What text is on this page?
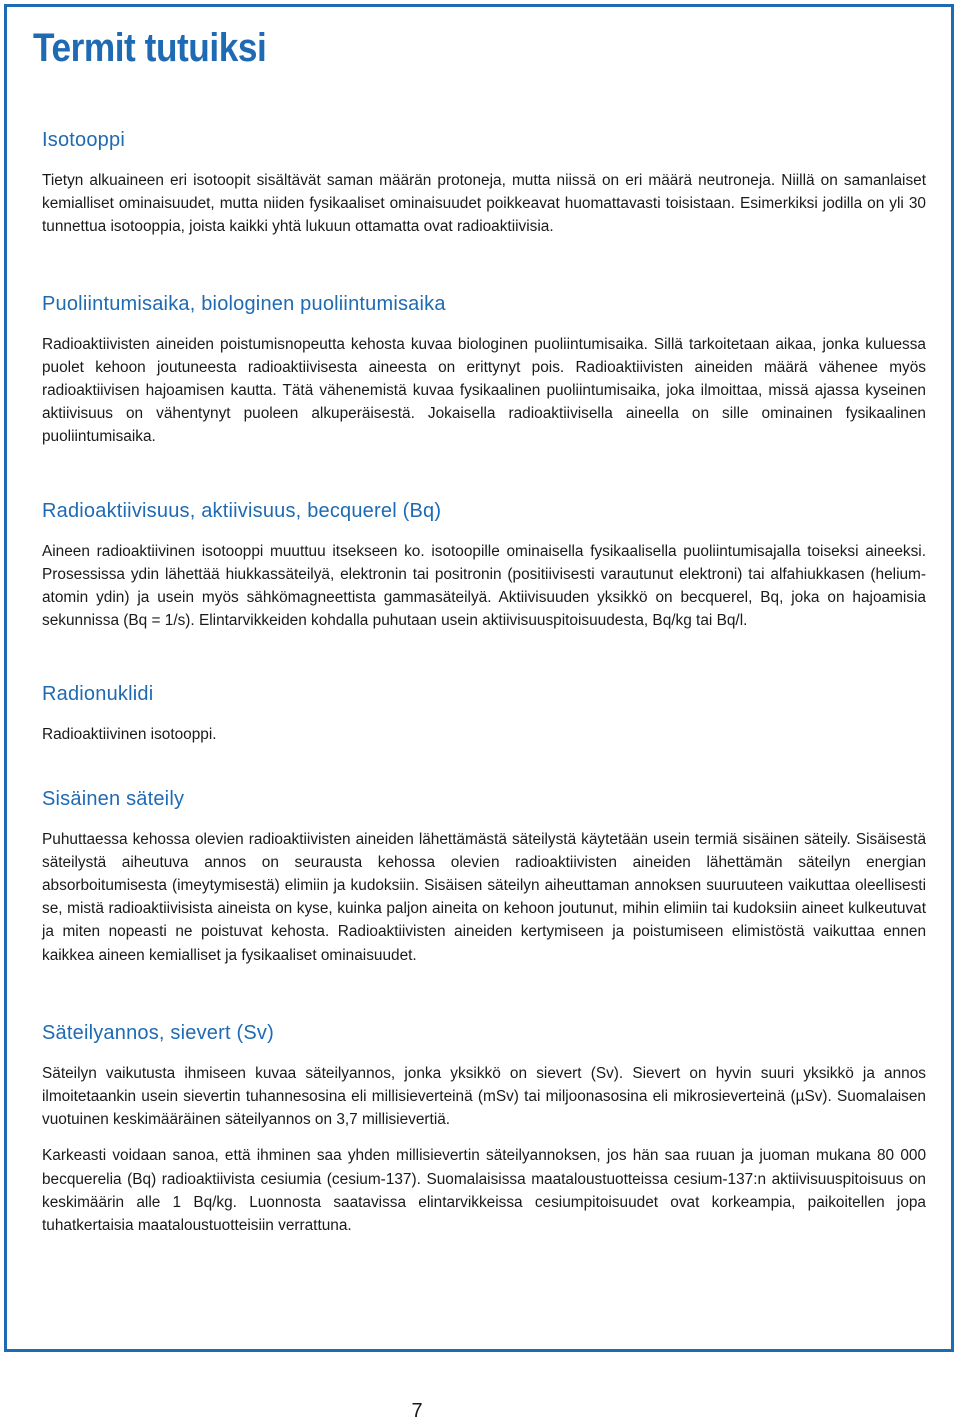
Termit tutuiksi
Isotooppi

Tietyn alkuaineen eri isotoopit sisältävät saman määrän protoneja, mutta niissä on eri määrä neutroneja. Niillä on samanlaiset kemialliset ominaisuudet, mutta niiden fysikaaliset ominaisuudet poikkeavat huomattavasti toisistaan. Esimerkiksi jodilla on yli 30 tunnettua isotooppia, joista kaikki yhtä lukuun ottamatta ovat radioaktiivisia.

Puoliintumisaika, biologinen puoliintumisaika

Radioaktiivisten aineiden poistumisnopeutta kehosta kuvaa biologinen puoliintumisaika. Sillä tarkoitetaan aikaa, jonka kuluessa puolet kehoon joutuneesta radioaktiivisesta aineesta on erittynyt pois. Radioaktiivisten aineiden määrä vähenee myös radioaktiivisen hajoamisen kautta. Tätä vähenemistä kuvaa fysikaalinen puoliintumisaika, joka ilmoittaa, missä ajassa kyseinen aktiivisuus on vähentynyt puoleen alkuperäisestä. Jokaisella radioaktiivisella aineella on sille ominainen fysikaalinen puoliintumisaika.

Radioaktiivisuus, aktiivisuus, becquerel (Bq)

Aineen radioaktiivinen isotooppi muuttuu itsekseen ko. isotoopille ominaisella fysikaalisella puoliintumisajalla toiseksi aineeksi. Prosessissa ydin lähettää hiukkassäteilyä, elektronin tai positronin (positiivisesti varautunut elektroni) tai alfahiukkasen (helium-atomin ydin) ja usein myös sähkömagneettista gammasäteilyä. Aktiivisuuden yksikkö on becquerel, Bq, joka on hajoamisia sekunnissa (Bq = 1/s). Elintarvikkeiden kohdalla puhutaan usein aktiivisuuspitoisuudesta, Bq/kg tai Bq/l.

Radionuklidi

Radioaktiivinen isotooppi.

Sisäinen säteily

Puhuttaessa kehossa olevien radioaktiivisten aineiden lähettämästä säteilystä käytetään usein termiä sisäinen säteily. Sisäisestä säteilystä aiheutuva annos on seurausta kehossa olevien radioaktiivisten aineiden lähettämän säteilyn energian absorboitumisesta (imeytymisestä) elimiin ja kudoksiin. Sisäisen säteilyn aiheuttaman annoksen suuruuteen vaikuttaa oleellisesti se, mistä radioaktiivisista aineista on kyse, kuinka paljon aineita on kehoon joutunut, mihin elimiin tai kudoksiin aineet kulkeutuvat ja miten nopeasti ne poistuvat kehosta. Radioaktiivisten aineiden kertymiseen ja poistumiseen elimistöstä vaikuttaa ennen kaikkea aineen kemialliset ja fysikaaliset ominaisuudet.

Säteilyannos, sievert (Sv)

Säteilyn vaikutusta ihmiseen kuvaa säteilyannos, jonka yksikkö on sievert (Sv). Sievert on hyvin suuri yksikkö ja annos ilmoitetaankin usein sievertin tuhannesosina eli millisieverteinä (mSv) tai miljoonasosina eli mikrosieverteinä (µSv). Suomalaisen vuotuinen keskimääräinen säteilyannos on 3,7 millisievertiä.

Karkeasti voidaan sanoa, että ihminen saa yhden millisievertin säteilyannoksen, jos hän saa ruuan ja juoman mukana 80 000 becquerelia (Bq) radioaktiivista cesiumia (cesium-137). Suomalaisissa maataloustuotteissa cesium-137:n aktiivisuuspitoisuus on keskimäärin alle 1 Bq/kg. Luonnosta saatavissa elintarvikkeissa cesiumpitoisuudet ovat korkeampia, paikoitellen jopa tuhatkertaisia maataloustuotteisiin verrattuna.

7
